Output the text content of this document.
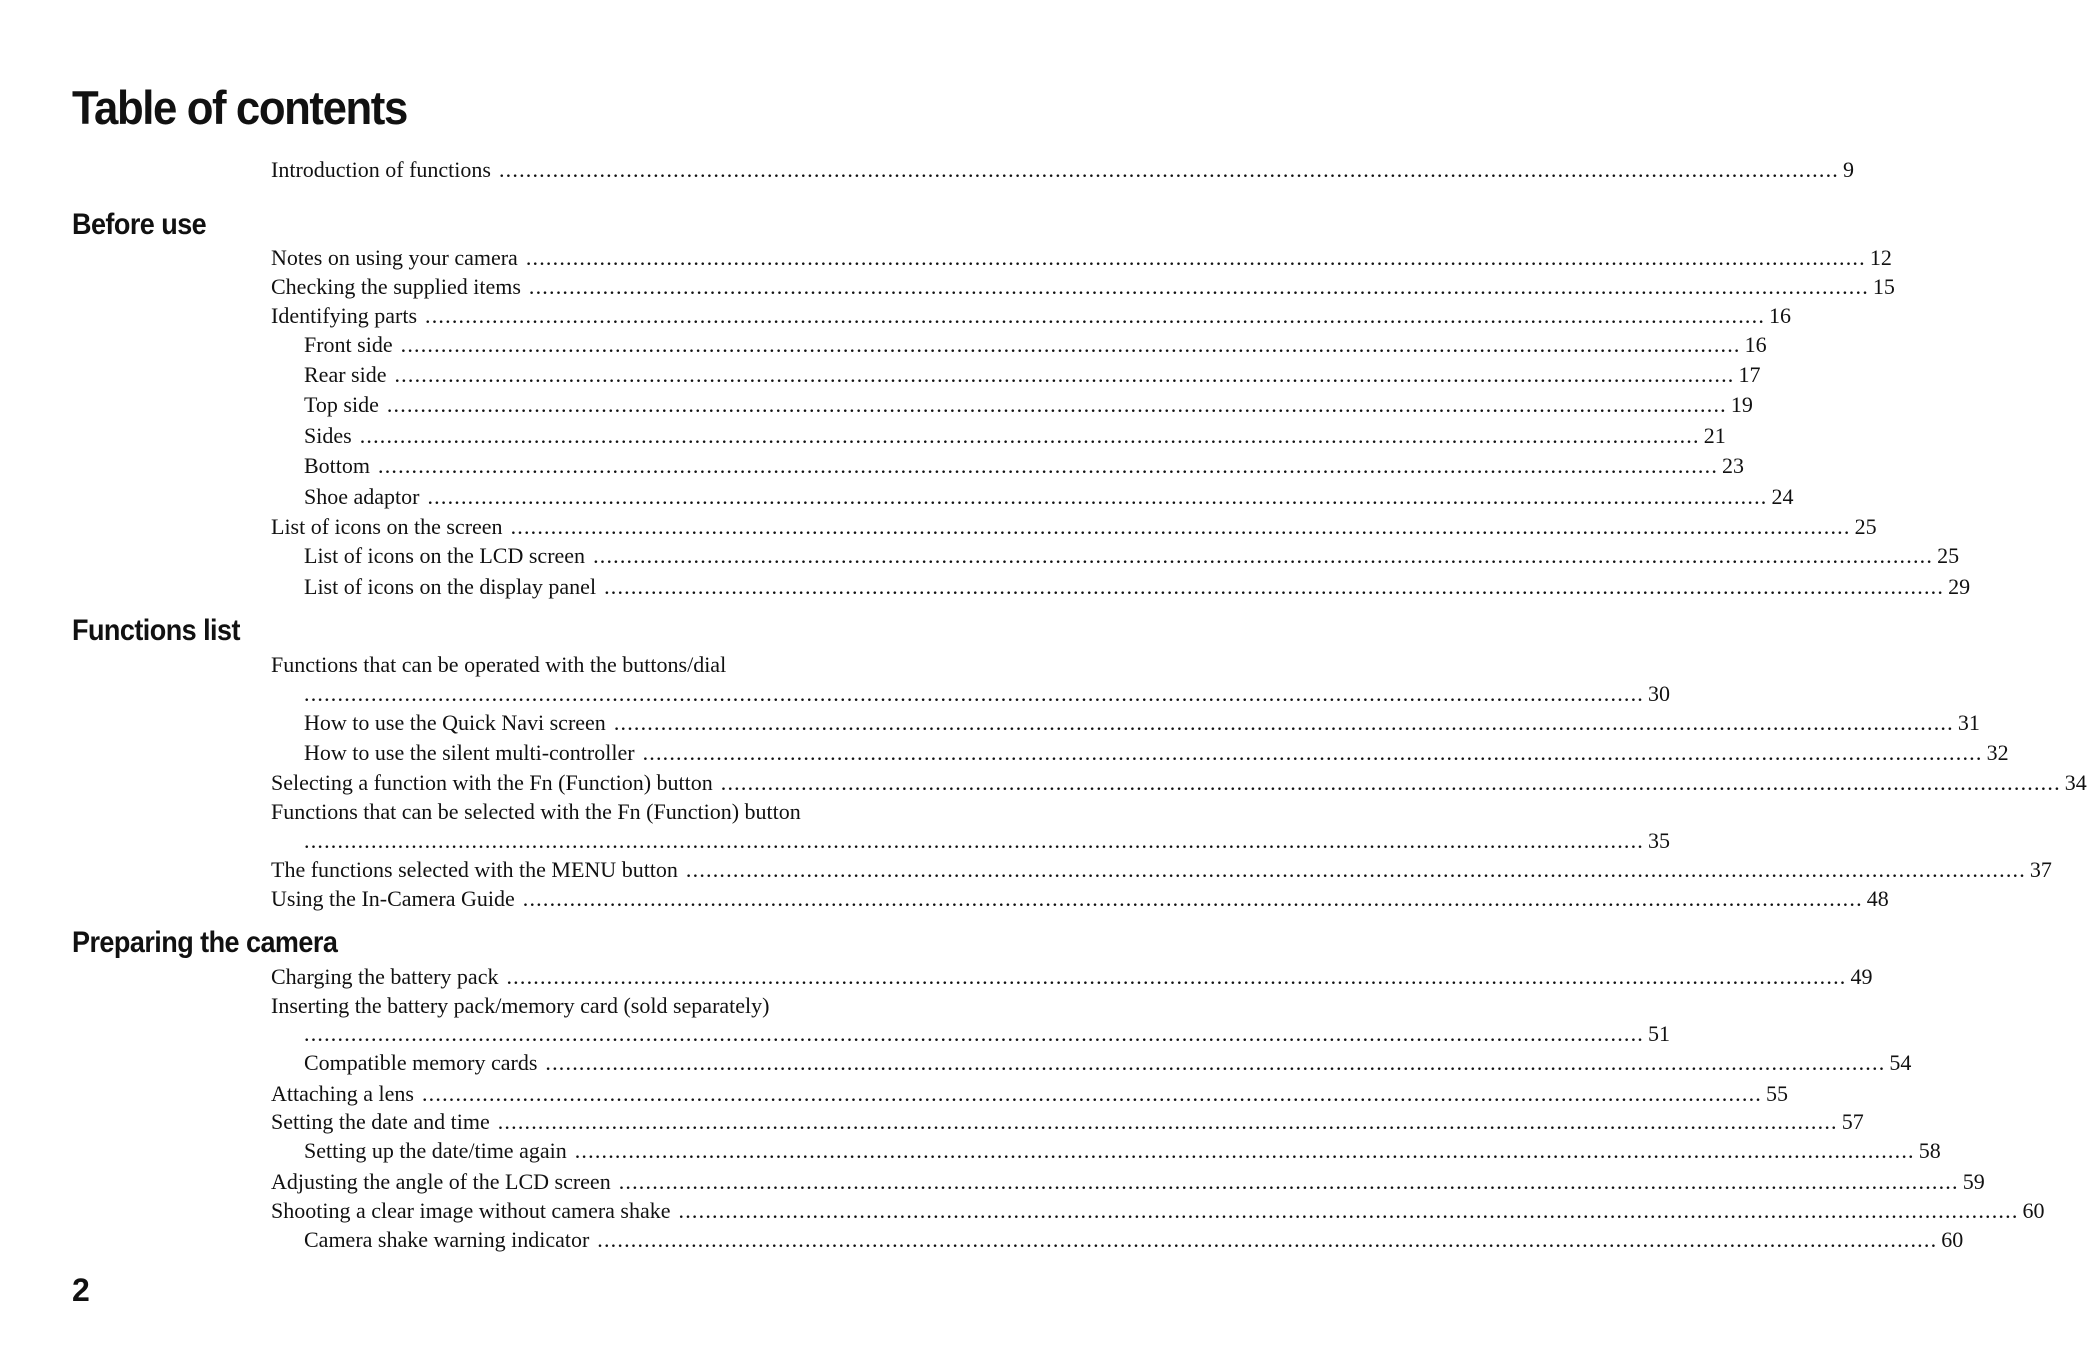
Table of contents
Introduction of functions ........................................................................................................................................................................................................ 9
Before use
Notes on using your camera ........................................................................................................................................................................................................ 12
Checking the supplied items ........................................................................................................................................................................................................ 15
Identifying parts ........................................................................................................................................................................................................ 16
Front side ........................................................................................................................................................................................................ 16
Rear side ........................................................................................................................................................................................................ 17
Top side ........................................................................................................................................................................................................ 19
Sides ........................................................................................................................................................................................................ 21
Bottom ........................................................................................................................................................................................................ 23
Shoe adaptor ........................................................................................................................................................................................................ 24
List of icons on the screen ........................................................................................................................................................................................................ 25
List of icons on the LCD screen ........................................................................................................................................................................................................ 25
List of icons on the display panel ........................................................................................................................................................................................................ 29
Functions list
Functions that can be operated with the buttons/dial
........................................................................................................................................................................................................ 30
How to use the Quick Navi screen ........................................................................................................................................................................................................ 31
How to use the silent multi-controller ........................................................................................................................................................................................................ 32
Selecting a function with the Fn (Function) button ........................................................................................................................................................................................................ 34
Functions that can be selected with the Fn (Function) button
........................................................................................................................................................................................................ 35
The functions selected with the MENU button ........................................................................................................................................................................................................ 37
Using the In-Camera Guide ........................................................................................................................................................................................................ 48
Preparing the camera
Charging the battery pack ........................................................................................................................................................................................................ 49
Inserting the battery pack/memory card (sold separately)
........................................................................................................................................................................................................ 51
Compatible memory cards ........................................................................................................................................................................................................ 54
Attaching a lens ........................................................................................................................................................................................................ 55
Setting the date and time ........................................................................................................................................................................................................ 57
Setting up the date/time again ........................................................................................................................................................................................................ 58
Adjusting the angle of the LCD screen ........................................................................................................................................................................................................ 59
Shooting a clear image without camera shake ........................................................................................................................................................................................................ 60
Camera shake warning indicator ........................................................................................................................................................................................................ 60

2
